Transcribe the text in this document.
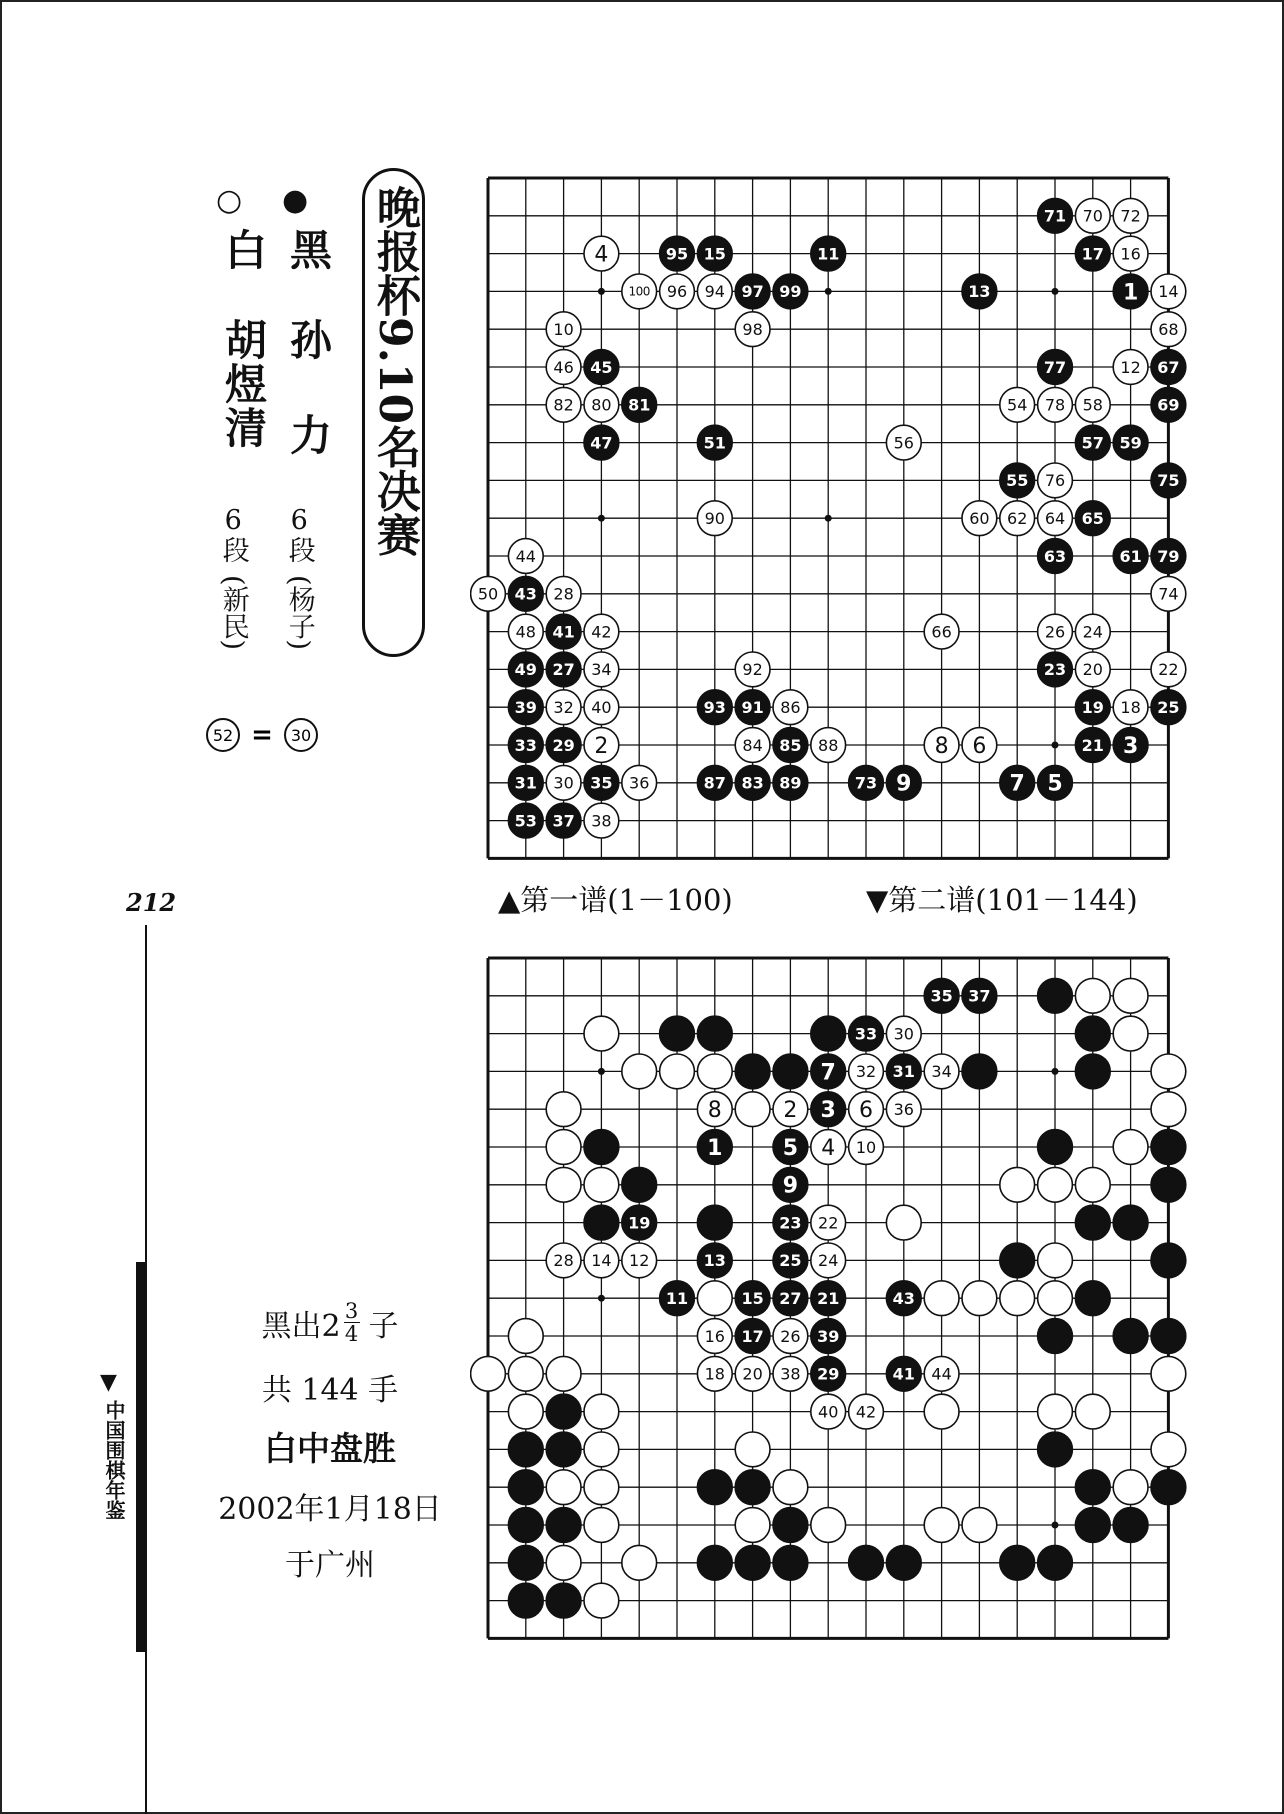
212
▼
中国围棋年鉴
晚报杯9.10名决赛
●
黑
孙 力
6段
(杨子)
○
白
胡煜清
6段
(新民)
52 = 30
70 72
4	16
100 96 94	14
10	98	68
46	12
82 80	54 78 58
56
76
90	60 62 64
44
50	28	74
48	42	66	26 24
34	92	20	22
32 40	86	18
2	84	88	8 6
30	36
38
71
17
1
13
15
95	11
97 99
45
81
47	51
77	67
69
57 59
55	75
65
63	61 79
43
41
49 27	23
39	93 91	19	25
33 29	85	21 3
31	35	87 83 89	73 9	7 5
53 37
▲第一谱(1－100)	▼第二谱(101－144)
30
32	34
8	2	6 36
4 10
22
28 14 12	24
16	26
18 20 38	44
40 42
35 37
33
7	31
3
1	5
9
19	23
13	25
11	15 27 21	43
17	39
29	41
黑出$2 \frac{3}{4}$ 子
共 144 手
白中盘胜
2002年1月18日
于广州
